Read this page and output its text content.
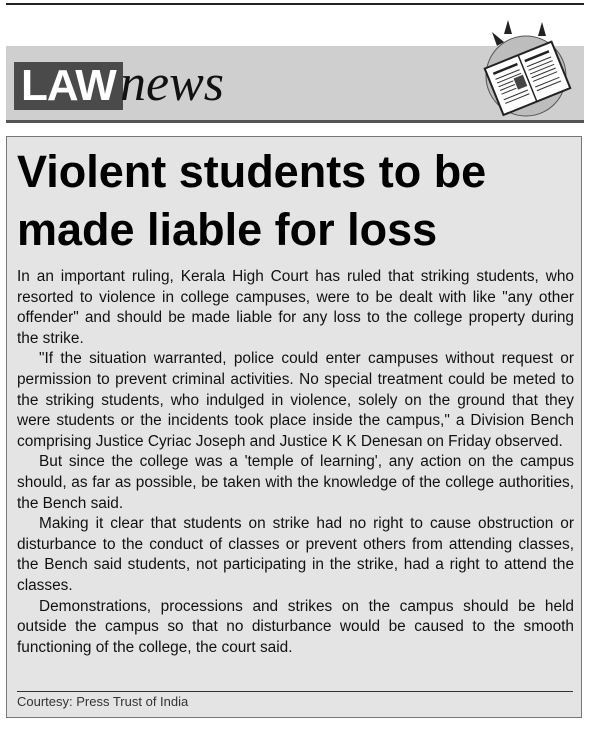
LAW news
Violent students to be
made liable for loss

In an important ruling, Kerala High Court has ruled that striking students, who resorted to violence in college campuses, were to be dealt with like "any other offender" and should be made liable for any loss to the college property during the strike.

"If the situation warranted, police could enter campuses without request or permission to prevent criminal activities. No special treatment could be meted to the striking students, who indulged in violence, solely on the ground that they were students or the incidents took place inside the campus," a Division Bench comprising Justice Cyriac Joseph and Justice K K Denesan on Friday observed.

But since the college was a 'temple of learning', any action on the campus should, as far as possible, be taken with the knowledge of the college authorities, the Bench said.

Making it clear that students on strike had no right to cause obstruction or disturbance to the conduct of classes or prevent others from attending classes, the Bench said students, not participating in the strike, had a right to attend the classes.

Demonstrations, processions and strikes on the campus should be held outside the campus so that no disturbance would be caused to the smooth functioning of the college, the court said.

Courtesy: Press Trust of India
